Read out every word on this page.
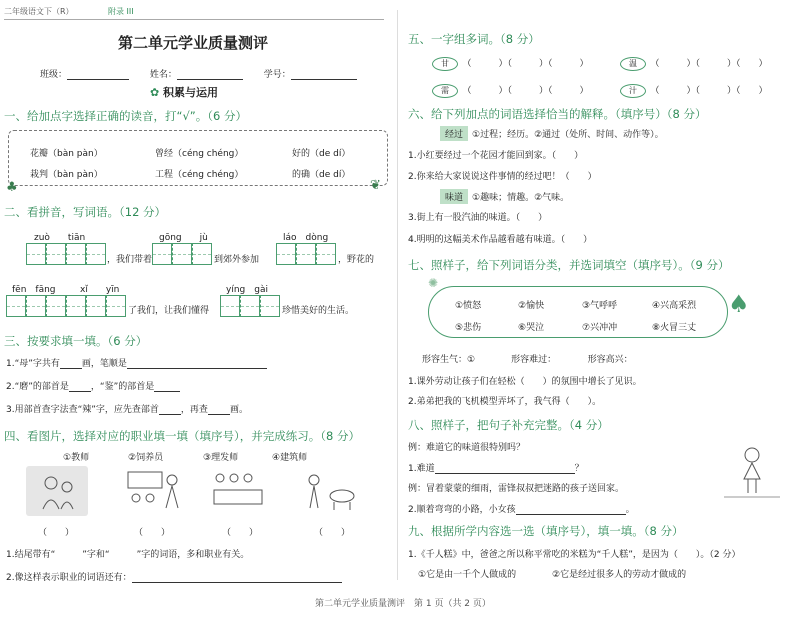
二年级语文下（R）	附录 III
第二单元学业质量测评
班级：	姓名：	学号：
✿ 积累与运用
一、给加点字选择正确的读音，打“√”。（6 分）
花瓣（bàn pàn）	曾经（céng chéng）	好的（de dí）
栽判（bàn pàn）	工程（céng chéng）	的确（de dí）
♣	❦
二、看拼音，写词语。（12 分）
zuò　　tiān	gōng　　jù	láo　dòng
，我们带着	到郊外参加	，野花的
fēn　fāng	xǐ　　yīn	yíng　gài
了我们，让我们懂得	珍惜美好的生活。
三、按要求填一填。（6 分）
1.“母”字共有 画，笔顺是
2.“磨”的部首是 ，“鉴”的部首是
3.用部首查字法查“辣”字，应先查部首 ，再查 画。
四、看图片，选择对应的职业填一填（填序号），并完成练习。（8 分）
①教师	②饲养员	③理发师	④建筑师
（　　）	（　　）	（　　）	（　　）
1.结尾带有“　　　”字和“　　　”字的词语，多和职业有关。
2.像这样表示职业的词语还有：
第二单元学业质量测评　第 1 页（共 2 页）
五、一字组多词。（8 分）
甘　（　　　）（　　　）（　　　）	温　（　　　）（　　　）（　　）
需　（　　　）（　　　）（　　　）	汁　（　　　）（　　　）（　　）
六、给下列加点的词语选择恰当的解释。（填序号）（8 分）
经过 ①过程；经历。②通过（处所、时间、动作等）。
1.小红要经过一个花园才能回到家。（　　）
2.你来给大家说说这件事情的经过吧！（　　）
味道 ①趣味；情趣。②气味。
3.街上有一股汽油的味道。（　　）
4.明明的这幅美术作品越看越有味道。（　　）
七、照样子，给下列词语分类，并选词填空（填序号）。（9 分）
✺
♠
①愤怒	②愉快	③气呼呼	④兴高采烈
⑤悲伤	⑥哭泣	⑦兴冲冲	⑧火冒三丈
形容生气：①　　　　形容难过：　　　　形容高兴：
1.课外劳动让孩子们在轻松（　　）的氛围中增长了见识。
2.弟弟把我的飞机模型弄坏了，我气得（　　）。
八、照样子，把句子补充完整。（4 分）
例：难道它的味道很特别吗？
1.难道	？
例：冒着蒙蒙的细雨，雷锋叔叔把迷路的孩子送回家。
2.顺着弯弯的小路，小女孩	。
九、根据所学内容选一选（填序号），填一填。（8 分）
1.《千人糕》中，爸爸之所以称平常吃的米糕为“千人糕”，是因为（　　）。（2 分）
①它是由一千个人做成的	②它是经过很多人的劳动才做成的
